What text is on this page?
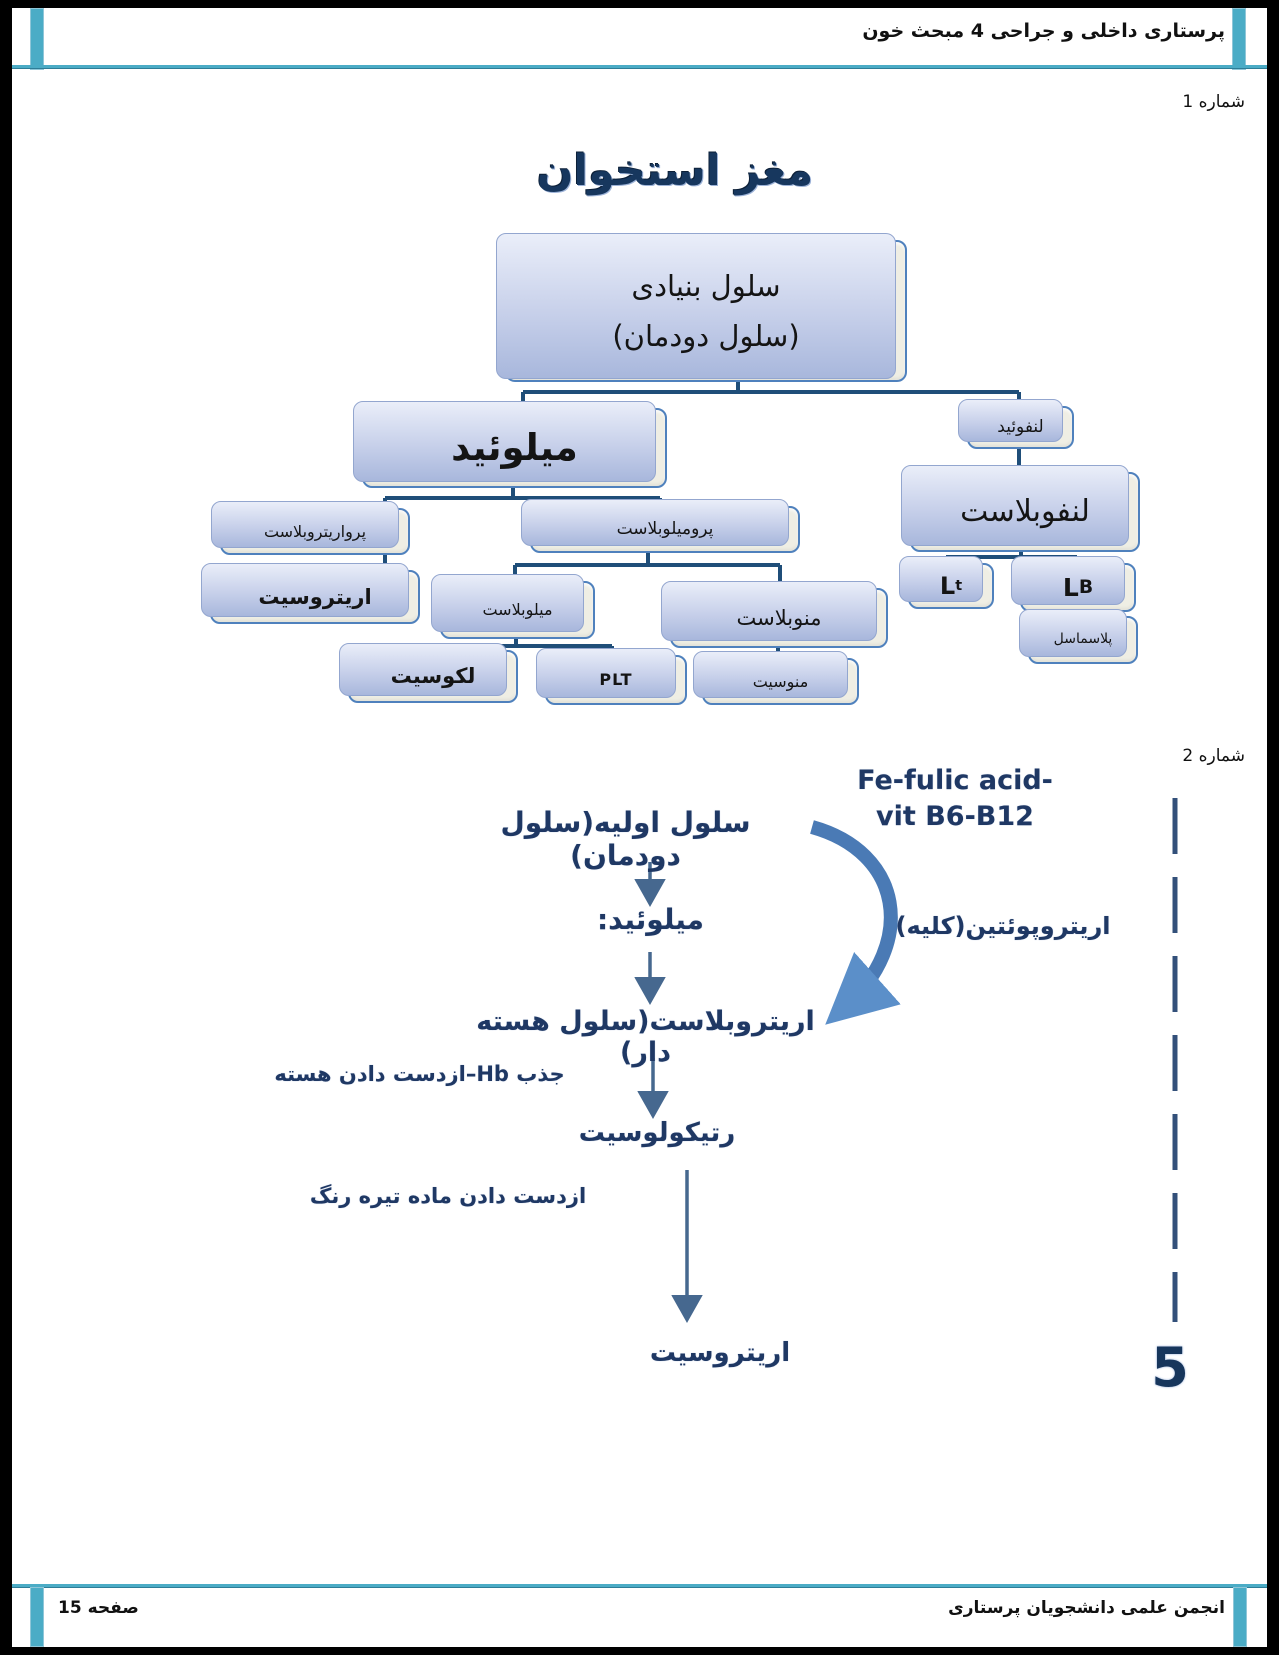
پرستاری داخلی و جراحی 4 مبحث خون
شماره 1
مغز استخوان
سلول بنیادی
(سلول دودمان)
میلوئید	لنفوئید
پرواریتروبلاست	پرومیلوبلاست
اریتروسیت
میلوبلاست	منوبلاست
لنفوبلاست
لکوسیت	PLT	منوسیت
L t	L B
پلاسماسل
شماره 2
Fe-fulic acid-
vit B6-B12
سلول اولیه(سلول دودمان)
میلوئید:	اریتروپوئتین(کلیه)
اریتروبلاست(سلول هسته دار)
جذب Hb–ازدست دادن هسته
رتیکولوسیت
ازدست دادن ماده تیره رنگ
اریتروسیت	5
انجمن علمی دانشجویان پرستاری
صفحه 15
